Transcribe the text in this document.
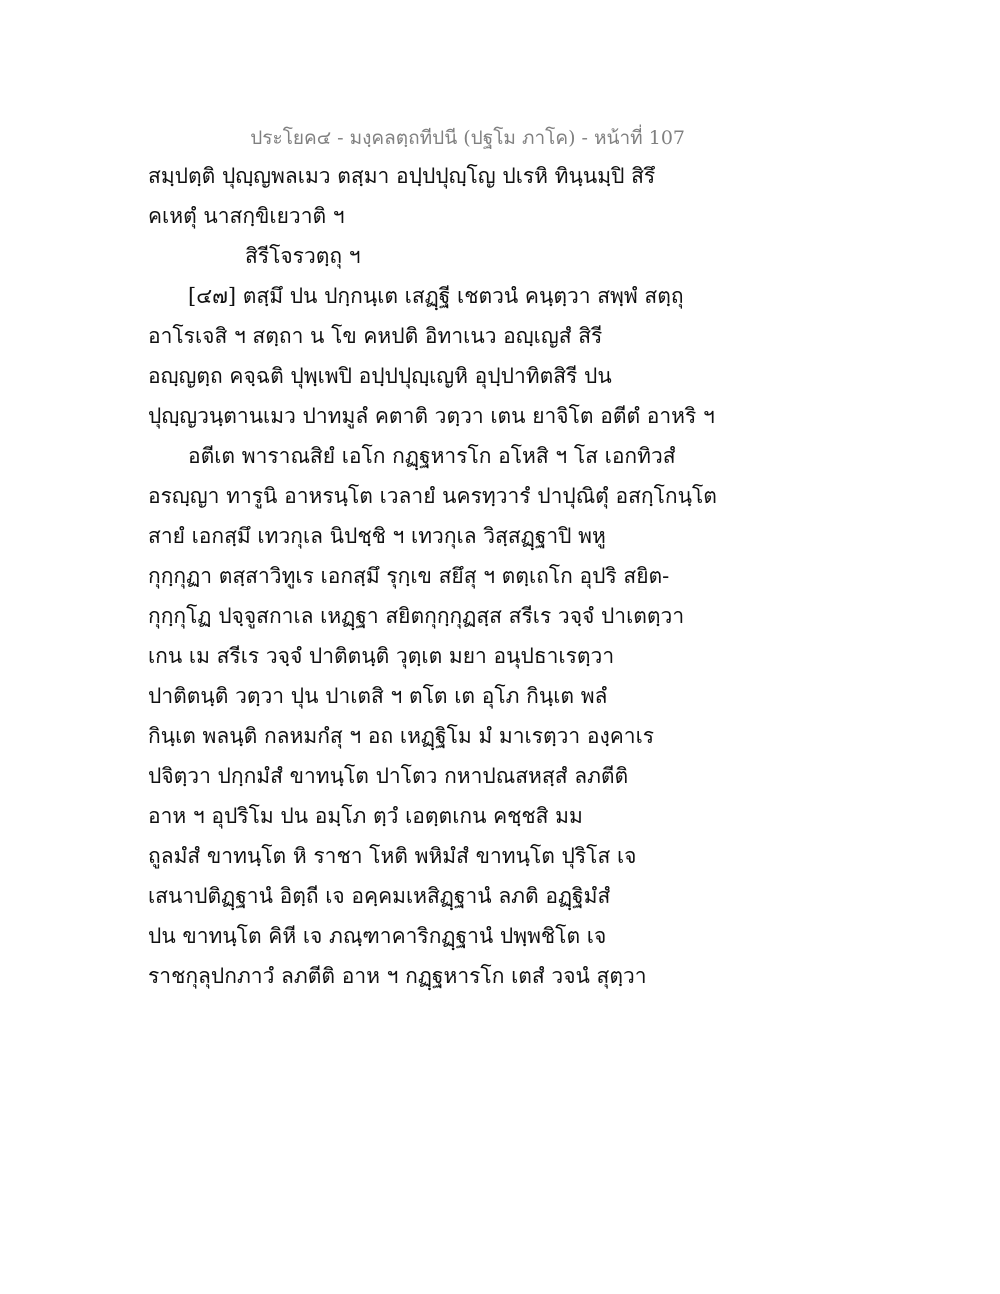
ประโยค๔ - มงฺคลตฺถทีปนี (ปฐโม ภาโค) - หน้าที่ 107
สมฺปตฺติ ปุญฺญพลเมว ตสฺมา อปฺปปุญฺโญ ปเรหิ ทินฺนมฺปิ สิรึ
คเหตุํ นาสกฺขิเยวาติ ฯ
สิรีโจรวตฺถุ ฯ
[๔๗] ตสฺมึ ปน ปกฺกนฺเต เสฏฺฐี เชตวนํ คนฺตฺวา สพฺพํ สตฺถุ
อาโรเจสิ ฯ สตฺถา น โข คหปติ อิทาเนว อญฺเญสํ สิรี
อญฺญตฺถ คจฺฉติ ปุพฺเพปิ อปฺปปุญฺเญหิ อุปฺปาทิตสิรี ปน
ปุญฺญวนฺตานเมว ปาทมูลํ คตาติ วตฺวา เตน ยาจิโต อตีตํ อาหริ ฯ
อตีเต พาราณสิยํ เอโก กฏฺฐหารโก อโหสิ ฯ โส เอกทิวสํ
อรญฺญา ทารูนิ อาหรนฺโต เวลายํ นครทฺวารํ ปาปุณิตุํ อสกฺโกนฺโต
สายํ เอกสฺมึ เทวกุเล นิปชฺชิ ฯ เทวกุเล วิสฺสฏฺฐาปิ พหู
กุกฺกุฏา ตสฺสาวิทูเร เอกสฺมึ รุกฺเข สยึสุ ฯ ตตฺเถโก อุปริ สยิต-
กุกฺกุโฏ ปจฺจูสกาเล เหฏฺฐา สยิตกุกฺกุฏสฺส สรีเร วจฺจํ ปาเตตฺวา
เกน เม สรีเร วจฺจํ ปาติตนฺติ วุตฺเต มยา อนุปธาเรตฺวา
ปาติตนฺติ วตฺวา ปุน ปาเตสิ ฯ ตโต เต อุโภ กินฺเต พลํ
กินฺเต พลนฺติ กลหมกํสุ ฯ อถ เหฏฺฐิโม มํ มาเรตฺวา องฺคาเร
ปจิตฺวา ปกฺกมํสํ ขาทนฺโต ปาโตว กหาปณสหสฺสํ ลภตีติ
อาห ฯ อุปริโม ปน อมฺโภ ตฺวํ เอตฺตเกน คชฺชสิ มม
ถูลมํสํ ขาทนฺโต หิ ราชา โหติ พหิมํสํ ขาทนฺโต ปุริโส เจ
เสนาปติฏฺฐานํ อิตฺถี เจ อคฺคมเหสิฏฺฐานํ ลภติ อฏฺฐิมํสํ
ปน ขาทนฺโต คิหี เจ ภณฺฑาคาริกฏฺฐานํ ปพฺพชิโต เจ
ราชกุลุปกภาวํ ลภตีติ อาห ฯ กฏฺฐหารโก เตสํ วจนํ สุตฺวา
